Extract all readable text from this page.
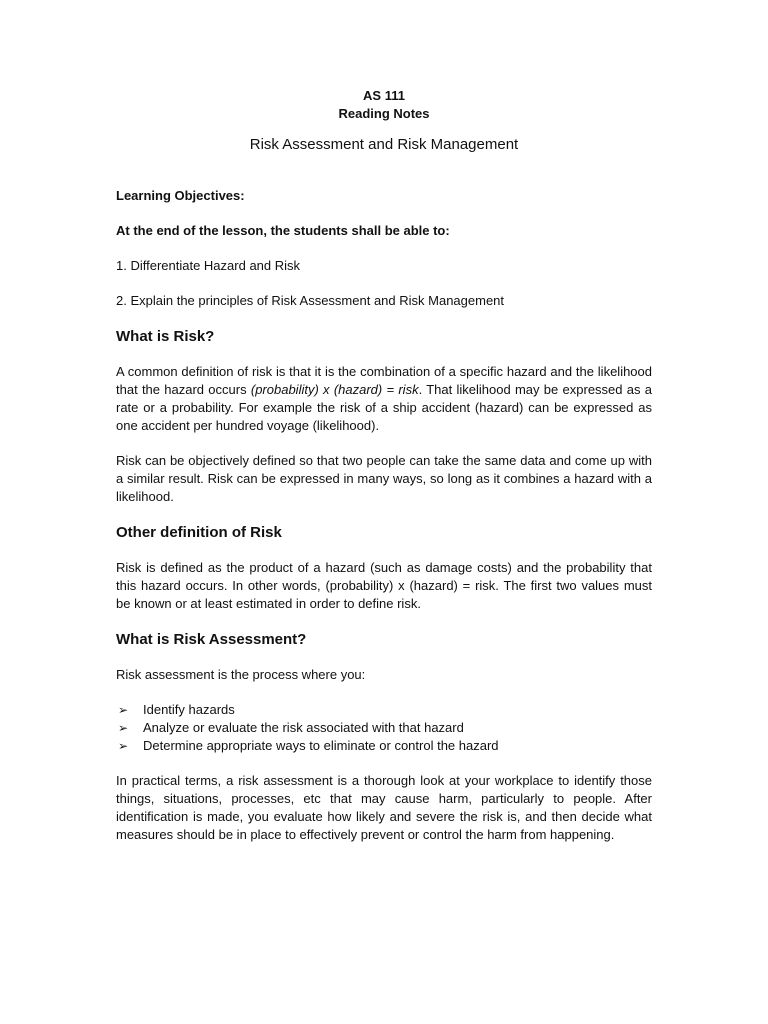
AS 111
Reading Notes
Risk Assessment and Risk Management

Learning Objectives:

At the end of the lesson, the students shall be able to:

1. Differentiate Hazard and Risk

2. Explain the principles of Risk Assessment and Risk Management

What is Risk?

A common definition of risk is that it is the combination of a specific hazard and the likelihood that the hazard occurs (probability) x (hazard) = risk. That likelihood may be expressed as a rate or a probability. For example the risk of a ship accident (hazard) can be expressed as one accident per hundred voyage (likelihood).

Risk can be objectively defined so that two people can take the same data and come up with a similar result. Risk can be expressed in many ways, so long as it combines a hazard with a likelihood.

Other definition of Risk

Risk is defined as the product of a hazard (such as damage costs) and the probability that this hazard occurs. In other words, (probability) x (hazard) = risk. The first two values must be known or at least estimated in order to define risk.

What is Risk Assessment?

Risk assessment is the process where you:

➢ Identify hazards
➢ Analyze or evaluate the risk associated with that hazard
➢ Determine appropriate ways to eliminate or control the hazard

In practical terms, a risk assessment is a thorough look at your workplace to identify those things, situations, processes, etc that may cause harm, particularly to people. After identification is made, you evaluate how likely and severe the risk is, and then decide what measures should be in place to effectively prevent or control the harm from happening.
